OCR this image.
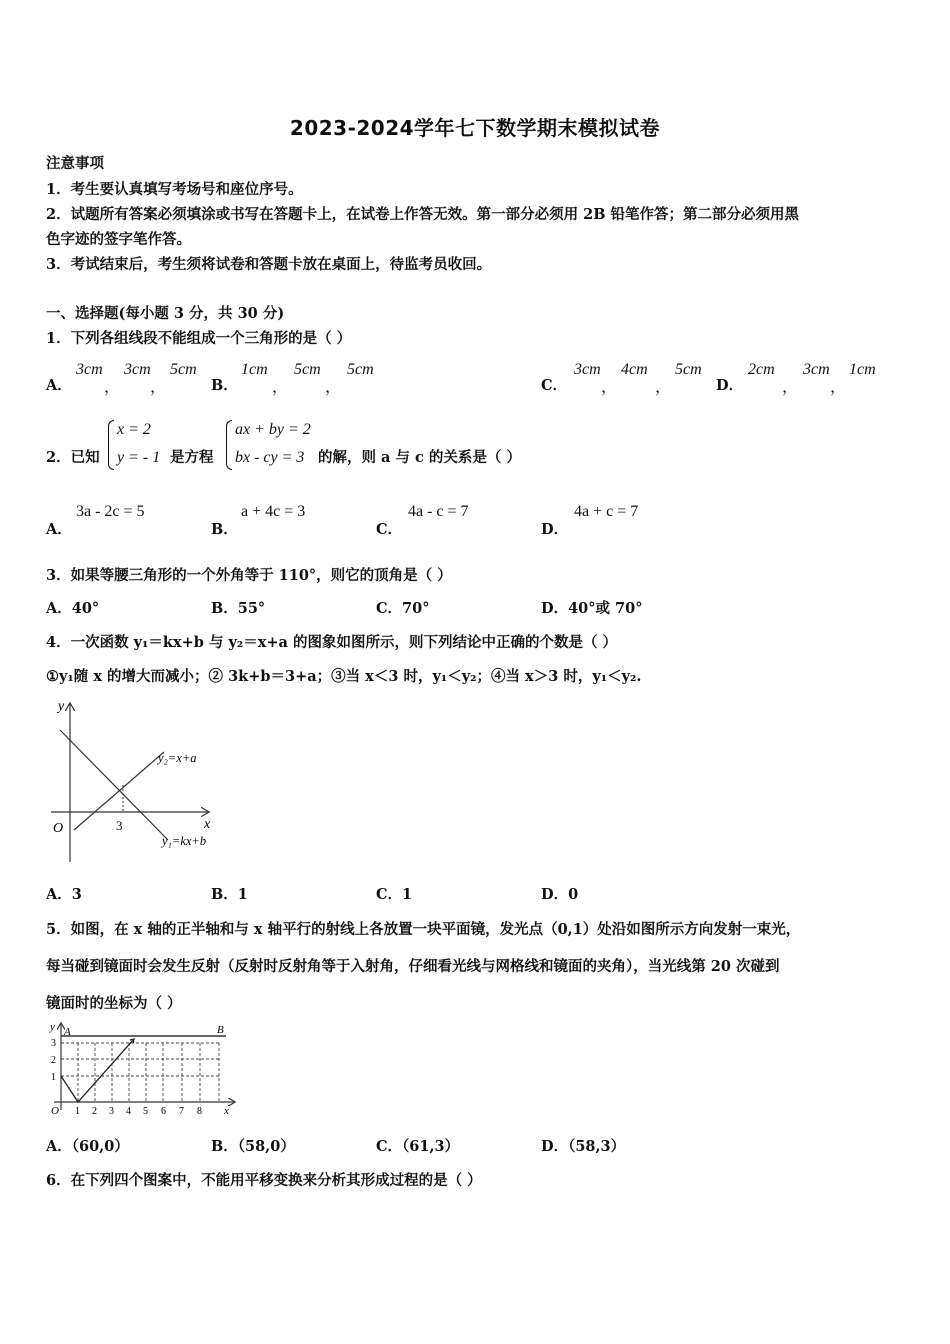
2023-2024学年七下数学期末模拟试卷
注意事项
1．考生要认真填写考场号和座位序号。
2．试题所有答案必须填涂或书写在答题卡上，在试卷上作答无效。第一部分必须用 2B 铅笔作答；第二部分必须用黑
色字迹的签字笔作答。
3．考试结束后，考生须将试卷和答题卡放在桌面上，待监考员收回。
一、选择题(每小题 3 分，共 30 分)
1．下列各组线段不能组成一个三角形的是（ ）
A．
3cm
，
3cm
，
5cm
B．
1cm
，
5cm
，
5cm
C．
3cm
，
4cm
，
5cm
D．
2cm
，
3cm
，
1cm
2．已知
x = 2
y = - 1 是方程
ax + by = 2
bx - cy = 3 的解，则 a 与 c 的关系是（ ）
A．
3a - 2c = 5
B．
a + 4c = 3
C．
4a - c = 7
D．
4a + c = 7
3．如果等腰三角形的一个外角等于 110°，则它的顶角是（ ）
A．40°	B．55°	C．70°	D．40°或 70°
4．一次函数 y₁＝kx+b 与 y₂＝x+a 的图象如图所示，则下列结论中正确的个数是（ ）
①y₁随 x 的增大而减小；② 3k+b＝3+a；③当 x＜3 时，y₁＜y₂；④当 x＞3 时，y₁＜y₂.
y
x
O	3
y₂=x+a
y₁=kx+b
A．3	B．1	C．1	D．0
5．如图，在 x 轴的正半轴和与 x 轴平行的射线上各放置一块平面镜，发光点（0,1）处沿如图所示方向发射一束光，
每当碰到镜面时会发生反射（反射时反射角等于入射角，仔细看光线与网格线和镜面的夹角），当光线第 20 次碰到
镜面时的坐标为（ ）
y A	B
3
2
1
O 1 2 3 4 5 6 7 8 x
A．（60,0）	B．（58,0）	C．（61,3）	D．（58,3）
6．在下列四个图案中，不能用平移变换来分析其形成过程的是（ ）
